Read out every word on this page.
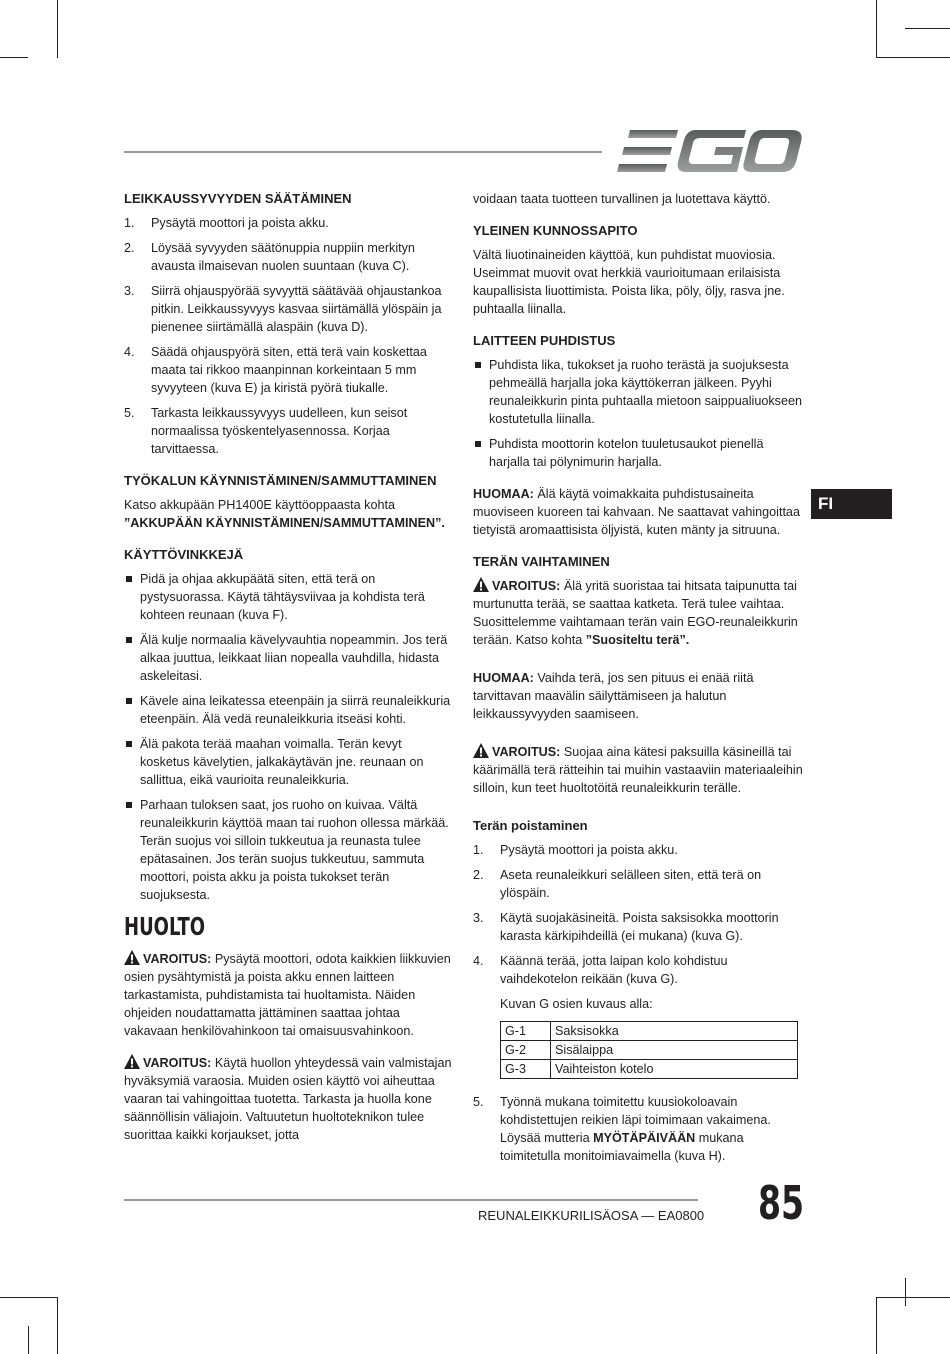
FI
LEIKKAUSSYVYYDEN SÄÄTÄMINEN
1. Pysäytä moottori ja poista akku.
2. Löysää syvyyden säätönuppia nuppiin merkityn avausta ilmaisevan nuolen suuntaan (kuva C).
3. Siirrä ohjauspyörää syvyyttä säätävää ohjaustankoa pitkin. Leikkaussyvyys kasvaa siirtämällä ylöspäin ja pienenee siirtämällä alaspäin (kuva D).
4. Säädä ohjauspyörä siten, että terä vain koskettaa maata tai rikkoo maanpinnan korkeintaan 5 mm syvyyteen (kuva E) ja kiristä pyörä tiukalle.
5. Tarkasta leikkaussyvyys uudelleen, kun seisot normaalissa työskentelyasennossa. Korjaa tarvittaessa.
TYÖKALUN KÄYNNISTÄMINEN/SAMMUTTAMINEN

Katso akkupään PH1400E käyttöoppaasta kohta
”AKKUPÄÄN KÄYNNISTÄMINEN/SAMMUTTAMINEN”.

KÄYTTÖVINKKEJÄ
Pidä ja ohjaa akkupäätä siten, että terä on pystysuorassa. Käytä tähtäysviivaa ja kohdista terä kohteen reunaan (kuva F).
Älä kulje normaalia kävelyvauhtia nopeammin. Jos terä alkaa juuttua, leikkaat liian nopealla vauhdilla, hidasta askeleitasi.
Kävele aina leikatessa eteenpäin ja siirrä reunaleikkuria eteenpäin. Älä vedä reunaleikkuria itseäsi kohti.
Älä pakota terää maahan voimalla. Terän kevyt kosketus kävelytien, jalkakäytävän jne. reunaan on sallittua, eikä vaurioita reunaleikkuria.
Parhaan tuloksen saat, jos ruoho on kuivaa. Vältä reunaleikkurin käyttöä maan tai ruohon ollessa märkää. Terän suojus voi silloin tukkeutua ja reunasta tulee epätasainen. Jos terän suojus tukkeutuu, sammuta moottori, poista akku ja poista tukokset terän suojuksesta.
HUOLTO

VAROITUS: Pysäytä moottori, odota kaikkien liikkuvien osien pysähtymistä ja poista akku ennen laitteen tarkastamista, puhdistamista tai huoltamista. Näiden ohjeiden noudattamatta jättäminen saattaa johtaa vakavaan henkilövahinkoon tai omaisuusvahinkoon.

VAROITUS: Käytä huollon yhteydessä vain valmistajan hyväksymiä varaosia. Muiden osien käyttö voi aiheuttaa vaaran tai vahingoittaa tuotetta. Tarkasta ja huolla kone säännöllisin väliajoin. Valtuutetun huoltoteknikon tulee suorittaa kaikki korjaukset, jotta

voidaan taata tuotteen turvallinen ja luotettava käyttö.

YLEINEN KUNNOSSAPITO

Vältä liuotinaineiden käyttöä, kun puhdistat muoviosia. Useimmat muovit ovat herkkiä vaurioitumaan erilaisista kaupallisista liuottimista. Poista lika, pöly, öljy, rasva jne. puhtaalla liinalla.

LAITTEEN PUHDISTUS
Puhdista lika, tukokset ja ruoho terästä ja suojuksesta pehmeällä harjalla joka käyttökerran jälkeen. Pyyhi reunaleikkurin pinta puhtaalla mietoon saippualiuokseen kostutetulla liinalla.
Puhdista moottorin kotelon tuuletusaukot pienellä harjalla tai pölynimurin harjalla.

HUOMAA: Älä käytä voimakkaita puhdistusaineita muoviseen kuoreen tai kahvaan. Ne saattavat vahingoittaa tietyistä aromaattisista öljyistä, kuten mänty ja sitruuna.

TERÄN VAIHTAMINEN

VAROITUS: Älä yritä suoristaa tai hitsata taipunutta tai murtunutta terää, se saattaa katketa. Terä tulee vaihtaa. Suosittelemme vaihtamaan terän vain EGO-reunaleikkurin terään. Katso kohta ”Suositeltu terä”.

HUOMAA: Vaihda terä, jos sen pituus ei enää riitä tarvittavan maavälin säilyttämiseen ja halutun leikkaussyvyyden saamiseen.

VAROITUS: Suojaa aina kätesi paksuilla käsineillä tai käärimällä terä rätteihin tai muihin vastaaviin materiaaleihin silloin, kun teet huoltotöitä reunaleikkurin terälle.

Terän poistaminen
1. Pysäytä moottori ja poista akku.
2. Aseta reunaleikkuri selälleen siten, että terä on ylöspäin.
3. Käytä suojakäsineitä. Poista saksisokka moottorin karasta kärkipihdeillä (ei mukana) (kuva G).
4. Käännä terää, jotta laipan kolo kohdistuu vaihdekotelon reikään (kuva G).

Kuvan G osien kuvaus alla:

G-1	Saksisokka
G-2	Sisälaippa
G-3	Vaihteiston kotelo
5. Työnnä mukana toimitettu kuusiokoloavain kohdistettujen reikien läpi toimimaan vakaimena. Löysää mutteria MYÖTÄPÄIVÄÄN mukana toimitetulla monitoimiavaimella (kuva H).
REUNALEIKKURILISÄOSA — EA0800 85
